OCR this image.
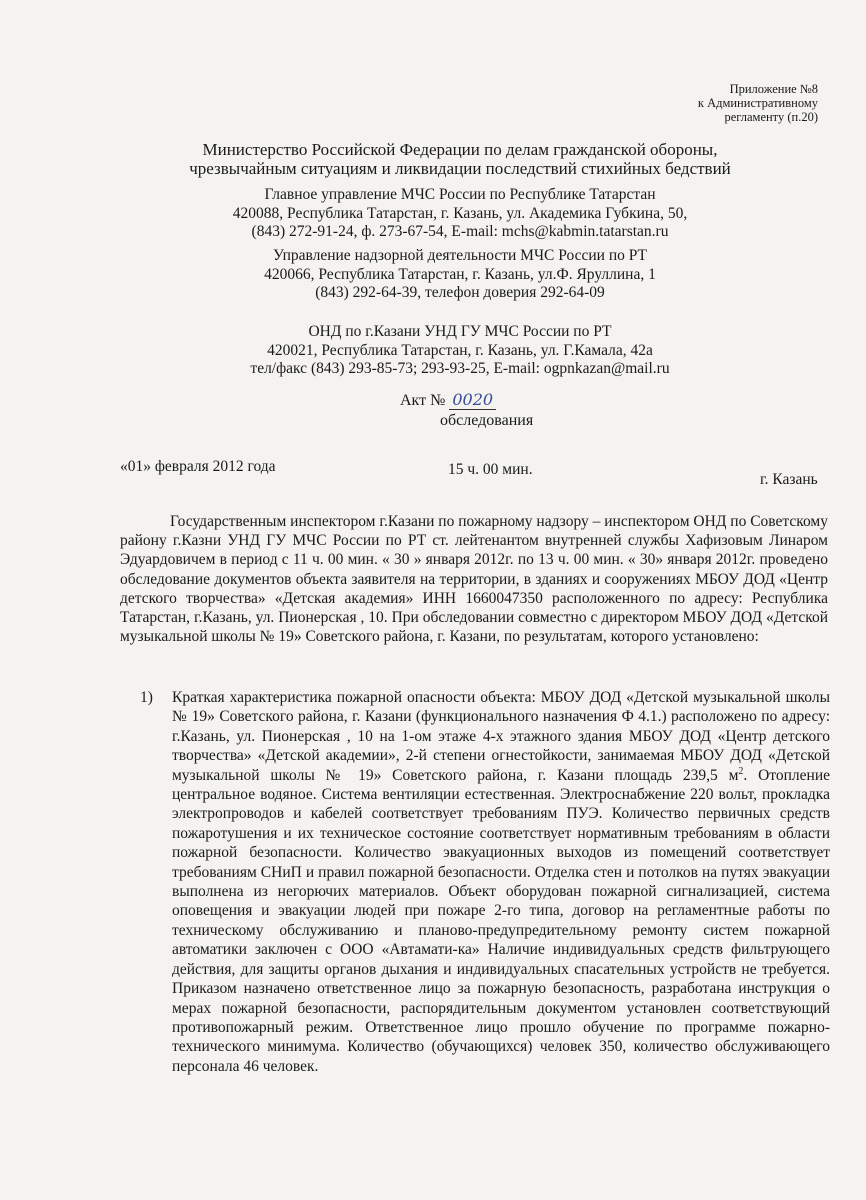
Приложение №8
к Административному
регламенту (п.20)
Министерство Российской Федерации по делам гражданской обороны,
чрезвычайным ситуациям и ликвидации последствий стихийных бедствий
Главное управление МЧС России по Республике Татарстан
420088, Республика Татарстан, г. Казань, ул. Академика Губкина, 50,
(843) 272-91-24, ф. 273-67-54, E-mail: mchs@kabmin.tatarstan.ru
Управление надзорной деятельности МЧС России по РТ
420066, Республика Татарстан, г. Казань, ул.Ф. Яруллина, 1
(843) 292-64-39, телефон доверия 292-64-09
ОНД по г.Казани УНД ГУ МЧС России по РТ
420021, Республика Татарстан, г. Казань, ул. Г.Камала, 42а
тел/факс (843) 293-85-73; 293-93-25, E-mail: ogpnkazan@mail.ru
Акт № 0020
обследования
«01» февраля 2012 года	15 ч. 00 мин.
г. Казань
Государственным инспектором г.Казани по пожарному надзору – инспектором ОНД по Советскому району г.Казни УНД ГУ МЧС России по РТ ст. лейтенантом внутренней службы Хафизовым Линаром Эдуардовичем в период с 11 ч. 00 мин. « 30 » января 2012г. по 13 ч. 00 мин. « 30» января 2012г. проведено обследование документов объекта заявителя на территории, в зданиях и сооружениях МБОУ ДОД «Центр детского творчества» «Детская академия» ИНН 1660047350 расположенного по адресу: Республика Татарстан, г.Казань, ул. Пионерская , 10. При обследовании совместно с директором МБОУ ДОД «Детской музыкальной школы № 19» Советского района, г. Казани, по результатам, которого установлено:
1) Краткая характеристика пожарной опасности объекта: МБОУ ДОД «Детской музыкальной школы № 19» Советского района, г. Казани (функционального назначения Ф 4.1.) расположено по адресу: г.Казань, ул. Пионерская , 10 на 1-ом этаже 4-х этажного здания МБОУ ДОД «Центр детского творчества» «Детской академии», 2-й степени огнестойкости, занимаемая МБОУ ДОД «Детской музыкальной школы № 19» Советского района, г. Казани площадь 239,5 $м^2$. Отопление центральное водяное. Система вентиляции естественная. Электроснабжение 220 вольт, прокладка электропроводов и кабелей соответствует требованиям ПУЭ. Количество первичных средств пожаротушения и их техническое состояние соответствует нормативным требованиям в области пожарной безопасности. Количество эвакуационных выходов из помещений соответствует требованиям СНиП и правил пожарной безопасности. Отделка стен и потолков на путях эвакуации выполнена из негорючих материалов. Объект оборудован пожарной сигнализацией, система оповещения и эвакуации людей при пожаре 2-го типа, договор на регламентные работы по техническому обслуживанию и планово-предупредительному ремонту систем пожарной автоматики заключен с ООО «Автамати-ка» Наличие индивидуальных средств фильтрующего действия, для защиты органов дыхания и индивидуальных спасательных устройств не требуется. Приказом назначено ответственное лицо за пожарную безопасность, разработана инструкция о мерах пожарной безопасности, распорядительным документом установлен соответствующий противопожарный режим. Ответственное лицо прошло обучение по программе пожарно-технического минимума. Количество (обучающихся) человек 350, количество обслуживающего персонала 46 человек.
